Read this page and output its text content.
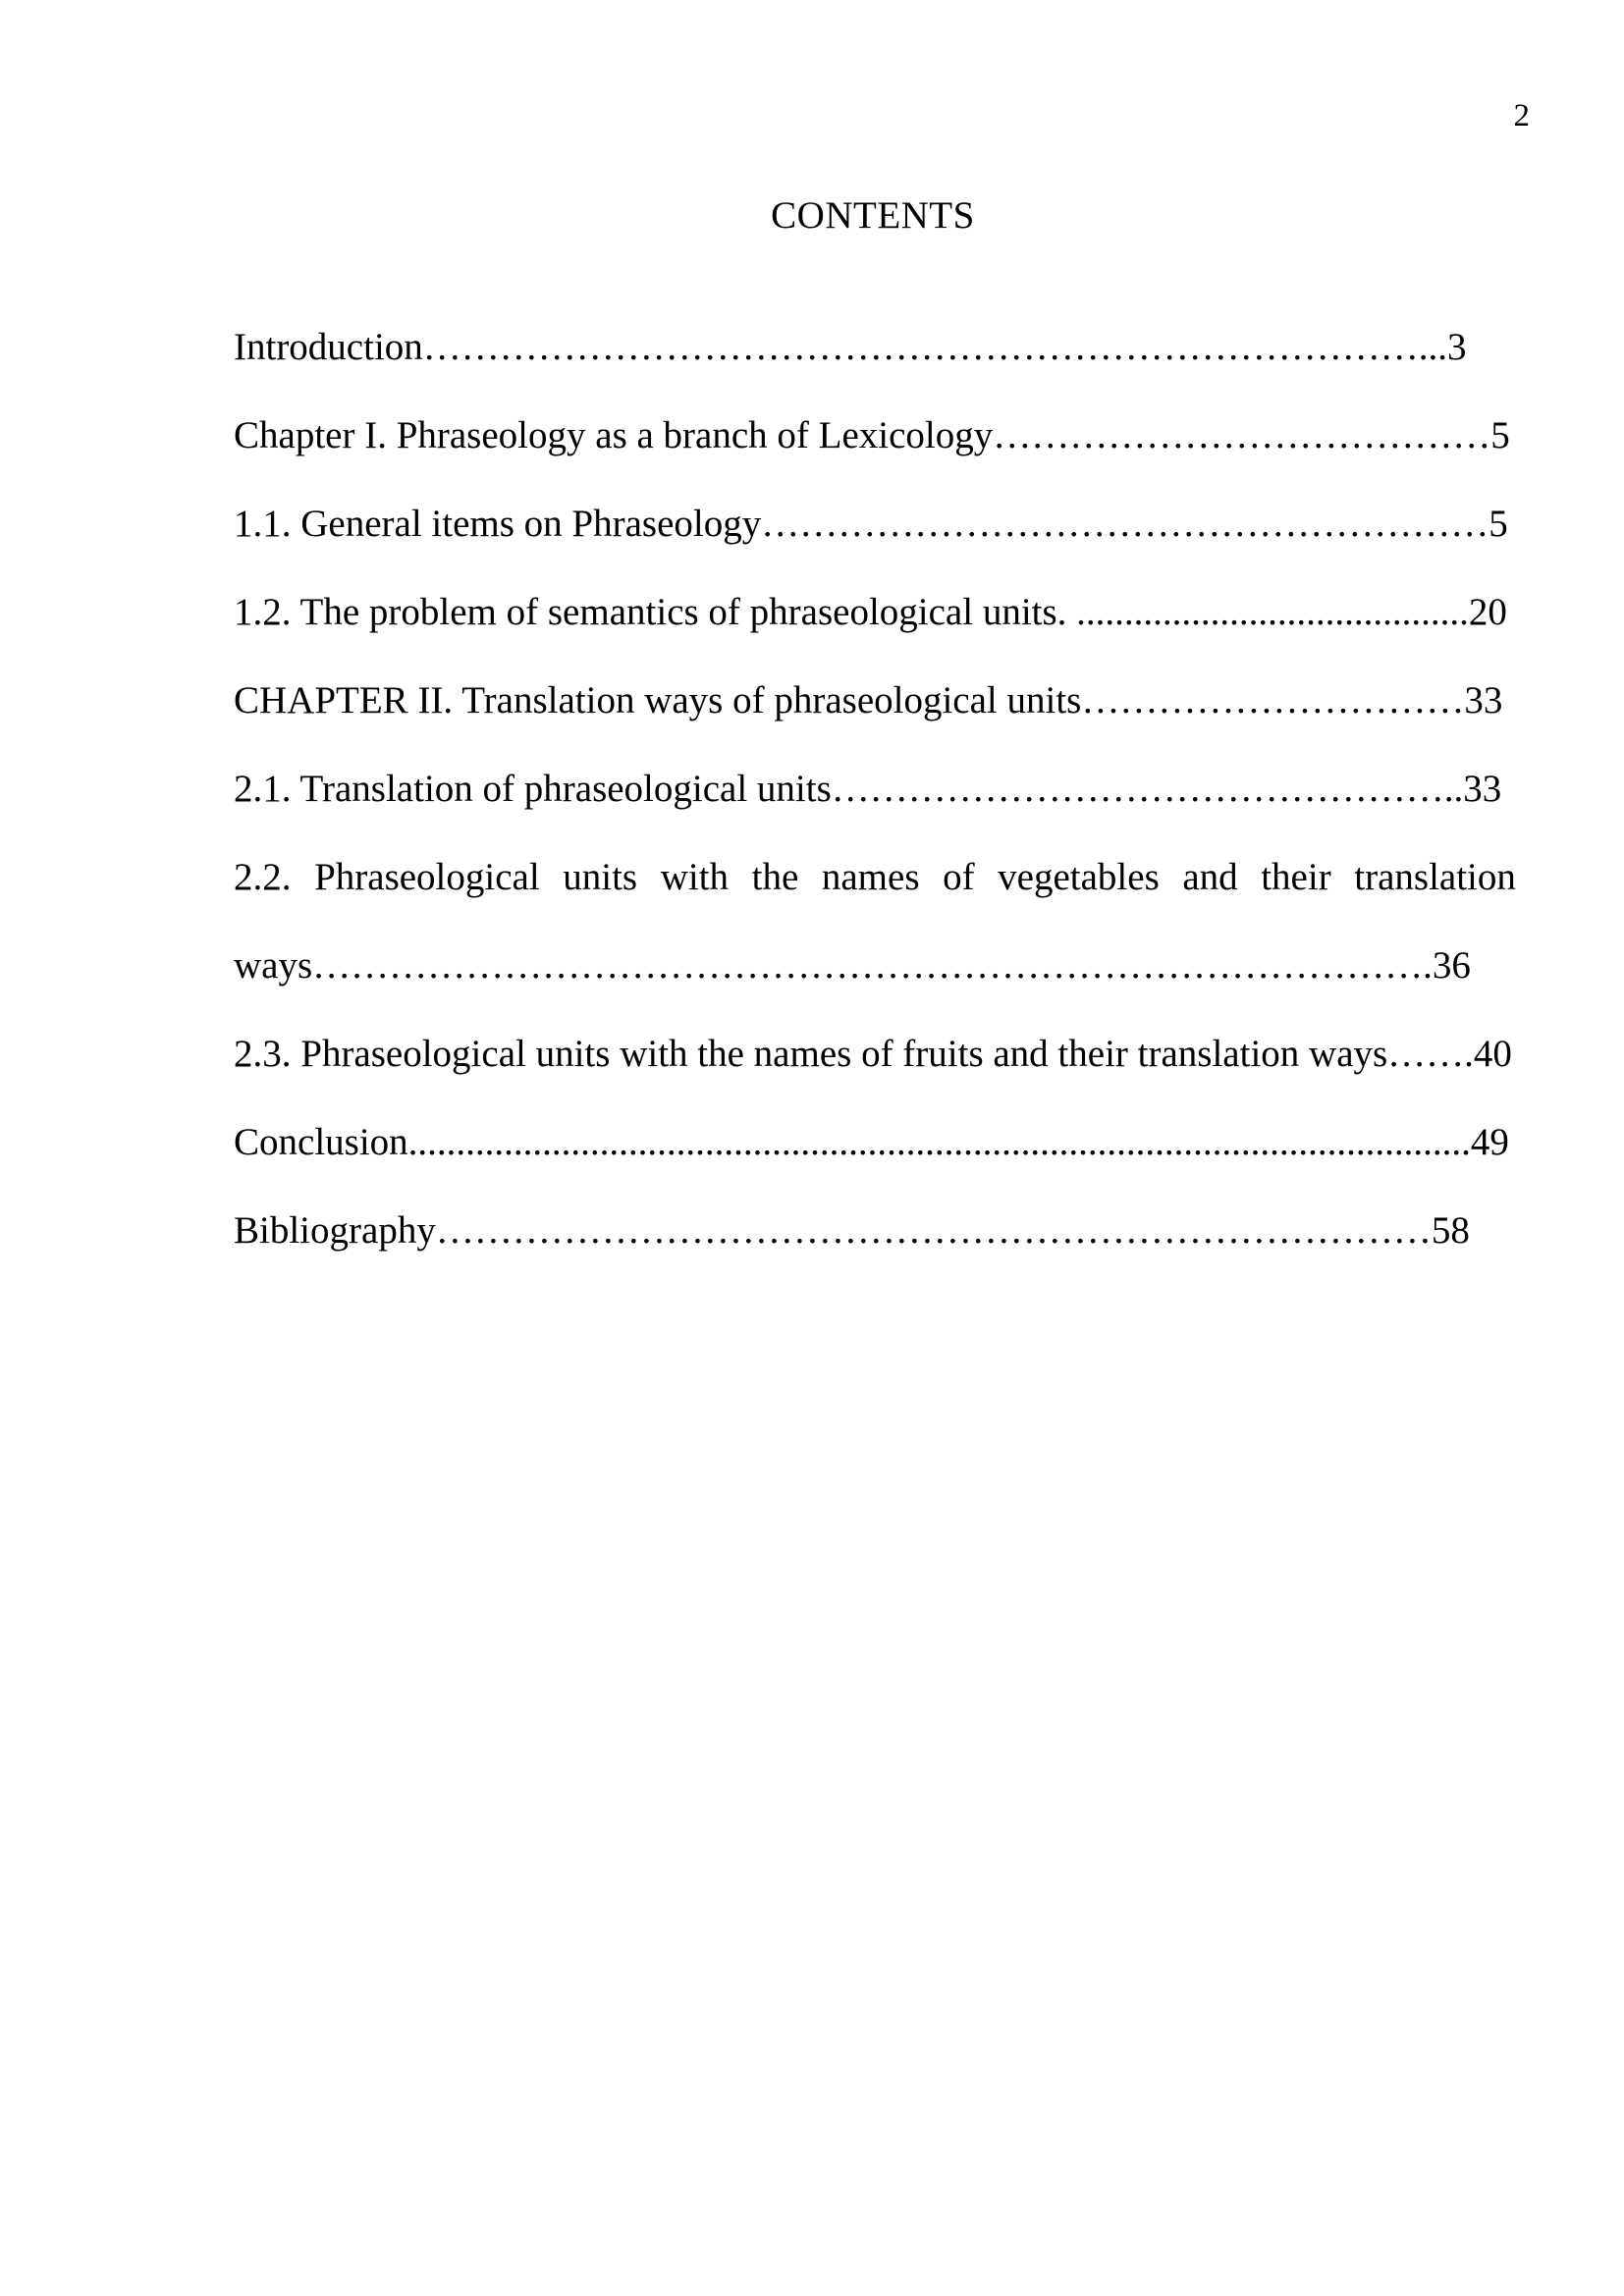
2
CONTENTS
Introduction……………………………………………………………………...3
Chapter I. Phraseology as a branch of Lexicology…………………………………5
1.1. General items on Phraseology…………………………………………………5
1.2. The problem of semantics of phraseological units. .........................................20
CHAPTER II. Translation ways of phraseological units…………………………33
2.1. Translation of phraseological units…………………………………………..33
2.2. Phraseological units with the names of vegetables and their translation
ways…………………………………………………………………………….36
2.3. Phraseological units with the names of fruits and their translation ways…….40
Conclusion...............................................................................................................49
Bibliography……………………………………………………………………58
